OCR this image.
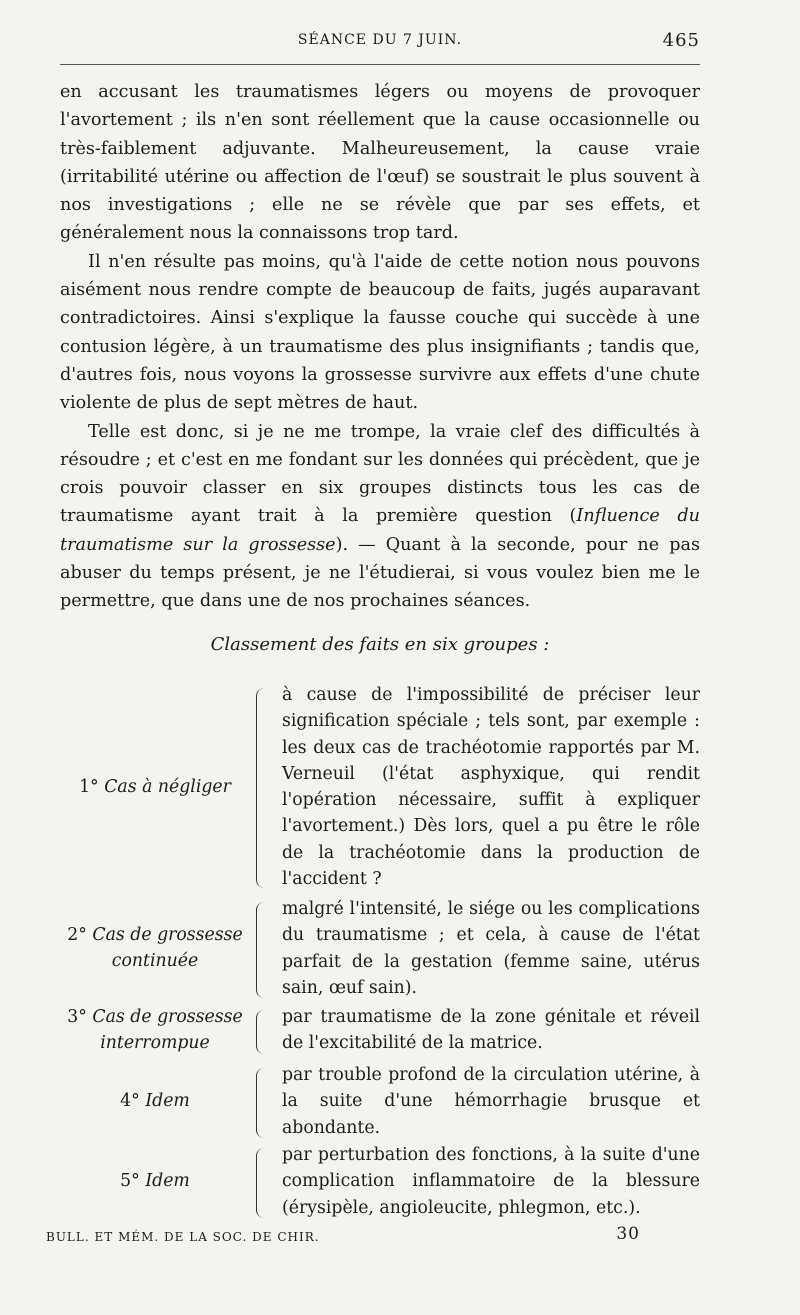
SÉANCE DU 7 JUIN.	465

en accusant les traumatismes légers ou moyens de provoquer l'avortement ; ils n'en sont réellement que la cause occasionnelle ou très-faiblement adjuvante. Malheureusement, la cause vraie (irritabilité utérine ou affection de l'œuf) se soustrait le plus souvent à nos investigations ; elle ne se révèle que par ses effets, et généralement nous la connaissons trop tard.

Il n'en résulte pas moins, qu'à l'aide de cette notion nous pouvons aisément nous rendre compte de beaucoup de faits, jugés auparavant contradictoires. Ainsi s'explique la fausse couche qui succède à une contusion légère, à un traumatisme des plus insignifiants ; tandis que, d'autres fois, nous voyons la grossesse survivre aux effets d'une chute violente de plus de sept mètres de haut.

Telle est donc, si je ne me trompe, la vraie clef des difficultés à résoudre ; et c'est en me fondant sur les données qui précèdent, que je crois pouvoir classer en six groupes distincts tous les cas de traumatisme ayant trait à la première question (Influence du traumatisme sur la grossesse). — Quant à la seconde, pour ne pas abuser du temps présent, je ne l'étudierai, si vous voulez bien me le permettre, que dans une de nos prochaines séances.

Classement des faits en six groupes :
1° Cas à négliger
à cause de l'impossibilité de préciser leur signification spéciale ; tels sont, par exemple : les deux cas de trachéotomie rapportés par M. Verneuil (l'état asphyxique, qui rendit l'opération nécessaire, suffit à expliquer l'avortement.) Dès lors, quel a pu être le rôle de la trachéotomie dans la production de l'accident ?
2° Cas de grossesse
continuée
malgré l'intensité, le siége ou les complications du traumatisme ; et cela, à cause de l'état parfait de la gestation (femme saine, utérus sain, œuf sain).
3° Cas de grossesse
interrompue
par traumatisme de la zone génitale et réveil de l'excitabilité de la matrice.
4° Idem
par trouble profond de la circulation utérine, à la suite d'une hémorrhagie brusque et abondante.
5° Idem
par perturbation des fonctions, à la suite d'une complication inflammatoire de la blessure (érysipèle, angioleucite, phlegmon, etc.).
BULL. ET MÉM. DE LA SOC. DE CHIR.	30
